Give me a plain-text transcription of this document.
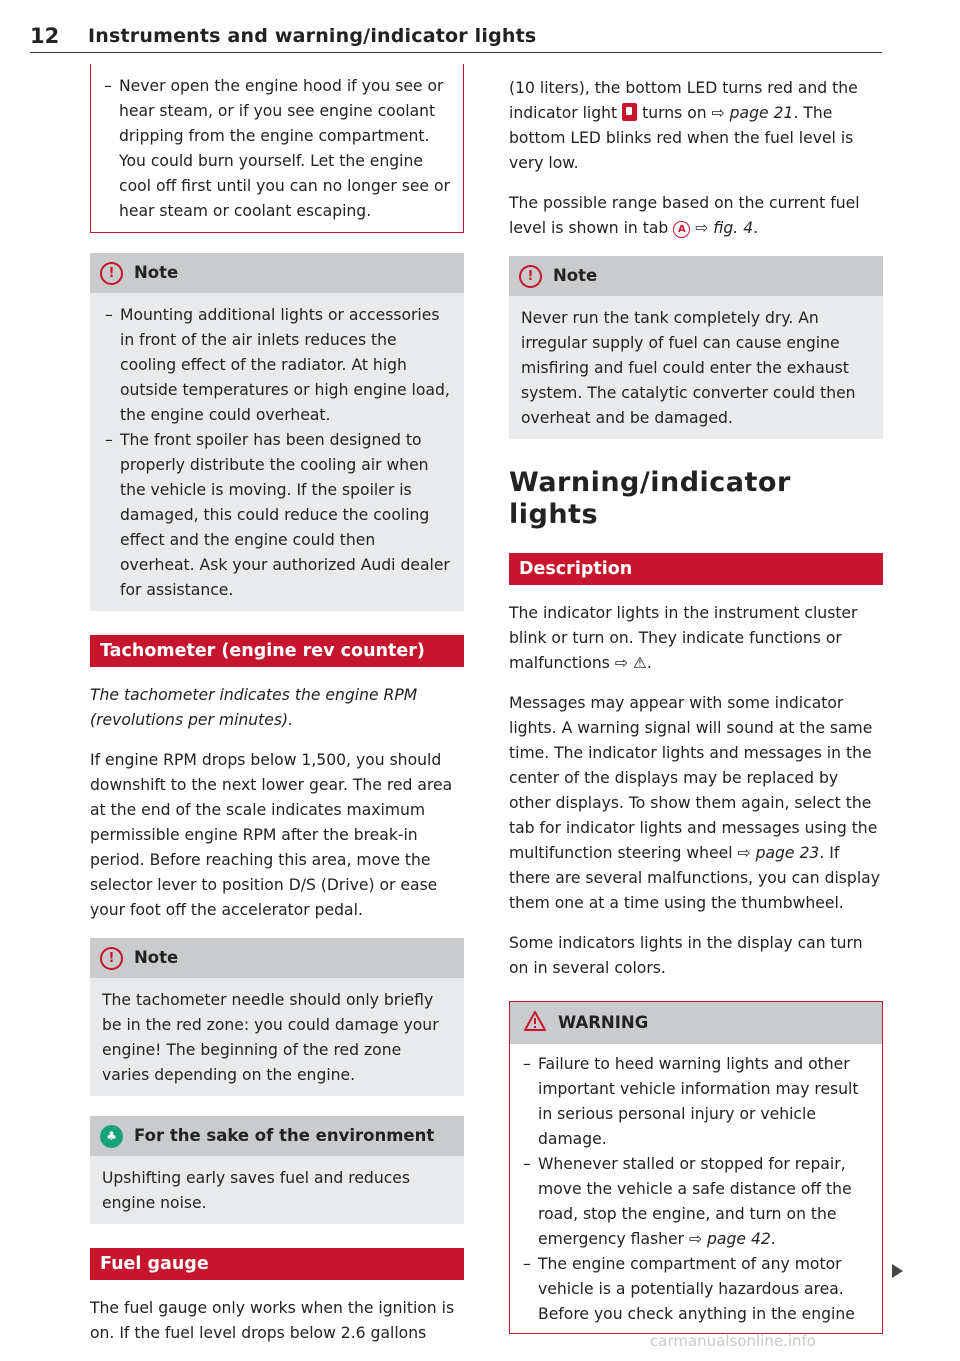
12 Instruments and warning/indicator lights
– Never open the engine hood if you see or hear steam, or if you see engine coolant dripping from the engine compartment. You could burn yourself. Let the engine cool off first until you can no longer see or hear steam or coolant escaping.
!	Note
– Mounting additional lights or accessories in front of the air inlets reduces the cooling effect of the radiator. At high outside temperatures or high engine load, the engine could overheat.
– The front spoiler has been designed to properly distribute the cooling air when the vehicle is moving. If the spoiler is damaged, this could reduce the cooling effect and the engine could then overheat. Ask your authorized Audi dealer for assistance.
Tachometer (engine rev counter)

The tachometer indicates the engine RPM (revolutions per minutes).

If engine RPM drops below 1,500, you should downshift to the next lower gear. The red area at the end of the scale indicates maximum permissible engine RPM after the break-in period. Before reaching this area, move the selector lever to position D/S (Drive) or ease your foot off the accelerator pedal.

!	Note

The tachometer needle should only briefly be in the red zone: you could damage your engine! The beginning of the red zone varies depending on the engine.

♣	For the sake of the environment

Upshifting early saves fuel and reduces engine noise.

Fuel gauge

The fuel gauge only works when the ignition is on. If the fuel level drops below 2.6 gallons

(10 liters), the bottom LED turns red and the indicator light turns on ⇨ page 21. The bottom LED blinks red when the fuel level is very low.

The possible range based on the current fuel level is shown in tab A ⇨ fig. 4.

!	Note

Never run the tank completely dry. An irregular supply of fuel can cause engine misfiring and fuel could enter the exhaust system. The catalytic converter could then overheat and be damaged.

Warning/indicator lights
Description

The indicator lights in the instrument cluster blink or turn on. They indicate functions or malfunctions ⇨ ⚠.

Messages may appear with some indicator lights. A warning signal will sound at the same time. The indicator lights and messages in the center of the displays may be replaced by other displays. To show them again, select the tab for indicator lights and messages using the multifunction steering wheel ⇨ page 23. If there are several malfunctions, you can display them one at a time using the thumbwheel.

Some indicators lights in the display can turn on in several colors.

WARNING
– Failure to heed warning lights and other important vehicle information may result in serious personal injury or vehicle damage.
– Whenever stalled or stopped for repair, move the vehicle a safe distance off the road, stop the engine, and turn on the emergency flasher ⇨ page 42.
– The engine compartment of any motor vehicle is a potentially hazardous area. Before you check anything in the engine
carmanualsonline.info
